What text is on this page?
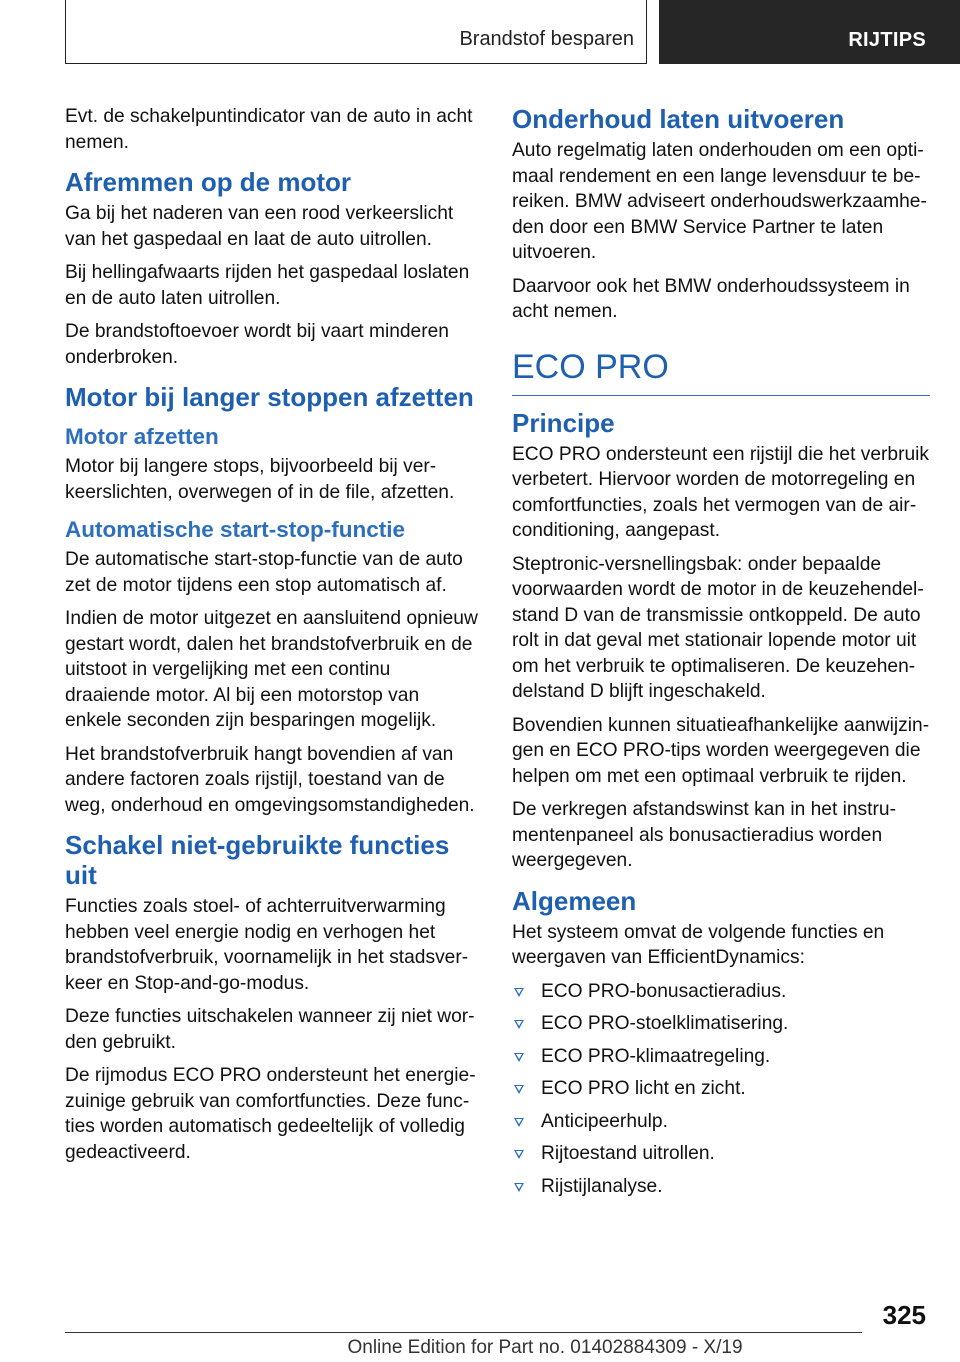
Brandstof besparen	RIJTIPS

Evt. de schakelpuntindicator van de auto in acht nemen.

Afremmen op de motor

Ga bij het naderen van een rood verkeerslicht van het gaspedaal en laat de auto uitrollen.

Bij hellingafwaarts rijden het gaspedaal loslaten en de auto laten uitrollen.

De brandstoftoevoer wordt bij vaart minderen onderbroken.

Motor bij langer stoppen afzetten
Motor afzetten

Motor bij langere stops, bijvoorbeeld bij verkeerslichten, overwegen of in de file, afzetten.

Automatische start-stop-functie

De automatische start-stop-functie van de auto zet de motor tijdens een stop automatisch af.

Indien de motor uitgezet en aansluitend opnieuw gestart wordt, dalen het brandstofverbruik en de uitstoot in vergelijking met een continu draaiende motor. Al bij een motorstop van enkele seconden zijn besparingen mogelijk.

Het brandstofverbruik hangt bovendien af van andere factoren zoals rijstijl, toestand van de weg, onderhoud en omgevingsomstandigheden.

Schakel niet-gebruikte functies uit

Functies zoals stoel- of achterruitverwarming hebben veel energie nodig en verhogen het brandstofverbruik, voornamelijk in het stadsverkeer en Stop-and-go-modus.

Deze functies uitschakelen wanneer zij niet worden gebruikt.

De rijmodus ECO PRO ondersteunt het energiezuinige gebruik van comfortfuncties. Deze functies worden automatisch gedeeltelijk of volledig gedeactiveerd.

Onderhoud laten uitvoeren

Auto regelmatig laten onderhouden om een optimaal rendement en een lange levensduur te bereiken. BMW adviseert onderhoudswerkzaamheden door een BMW Service Partner te laten uitvoeren.

Daarvoor ook het BMW onderhoudssysteem in acht nemen.

ECO PRO
Principe

ECO PRO ondersteunt een rijstijl die het verbruik verbetert. Hiervoor worden de motorregeling en comfortfuncties, zoals het vermogen van de airconditioning, aangepast.

Steptronic-versnellingsbak: onder bepaalde voorwaarden wordt de motor in de keuzehendelstand D van de transmissie ontkoppeld. De auto rolt in dat geval met stationair lopende motor uit om het verbruik te optimaliseren. De keuzehendelstand D blijft ingeschakeld.

Bovendien kunnen situatieafhankelijke aanwijzingen en ECO PRO-tips worden weergegeven die helpen om met een optimaal verbruik te rijden.

De verkregen afstandswinst kan in het instrumentenpaneel als bonusactieradius worden weergegeven.

Algemeen

Het systeem omvat de volgende functies en weergaven van EfficientDynamics:

ECO PRO-bonusactieradius.
ECO PRO-stoelklimatisering.
ECO PRO-klimaatregeling.
ECO PRO licht en zicht.
Anticipeerhulp.
Rijtoestand uitrollen.
Rijstijlanalyse.
325
Online Edition for Part no. 01402884309 - X/19
